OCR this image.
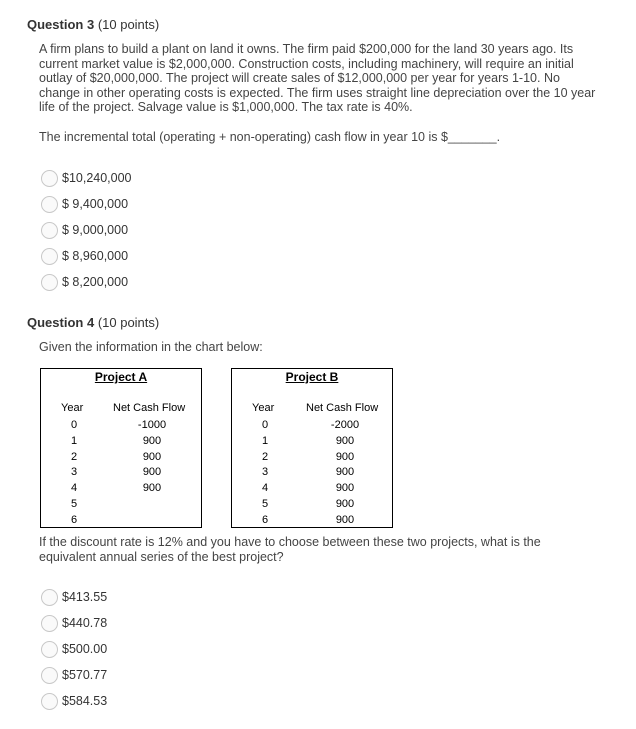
Question 3 (10 points)
A firm plans to build a plant on land it owns. The firm paid $200,000 for the land 30 years ago. Its current market value is $2,000,000. Construction costs, including machinery, will require an initial outlay of $20,000,000. The project will create sales of $12,000,000 per year for years 1-10. No change in other operating costs is expected. The firm uses straight line depreciation over the 10 year life of the project. Salvage value is $1,000,000. The tax rate is 40%.
The incremental total (operating + non-operating) cash flow in year 10 is $_______.
$10,240,000
$ 9,400,000
$ 9,000,000
$ 8,960,000
$ 8,200,000
Question 4 (10 points)
Given the information in the chart below:
Project A
Year	Net Cash Flow
0	-1000
1	900
2	900
3	900
4	900
5
6
Project B
Year	Net Cash Flow
0	-2000
1	900
2	900
3	900
4	900
5	900
6	900
If the discount rate is 12% and you have to choose between these two projects, what is the equivalent annual series of the best project?
$413.55
$440.78
$500.00
$570.77
$584.53
